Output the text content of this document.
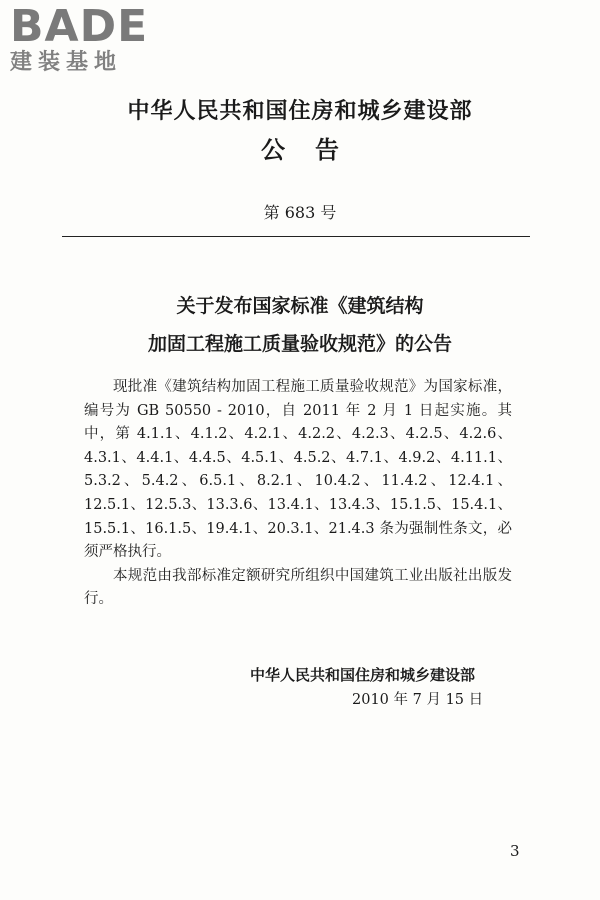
BADE
建装基地
中华人民共和国住房和城乡建设部
公告
第 683 号
关于发布国家标准《建筑结构
加固工程施工质量验收规范》的公告

现批准《建筑结构加固工程施工质量验收规范》为国家标准，编号为 GB 50550 - 2010，自 2011 年 2 月 1 日起实施。其中，第 4.1.1、4.1.2、4.2.1、4.2.2、4.2.3、4.2.5、4.2.6、4.3.1、4.4.1、4.4.5、4.5.1、4.5.2、4.7.1、4.9.2、4.11.1、5.3.2、5.4.2、6.5.1、8.2.1、10.4.2、11.4.2、12.4.1、12.5.1、12.5.3、13.3.6、13.4.1、13.4.3、15.1.5、15.4.1、15.5.1、16.1.5、19.4.1、20.3.1、21.4.3 条为强制性条文，必须严格执行。

本规范由我部标准定额研究所组织中国建筑工业出版社出版发行。

中华人民共和国住房和城乡建设部
2010 年 7 月 15 日
3
